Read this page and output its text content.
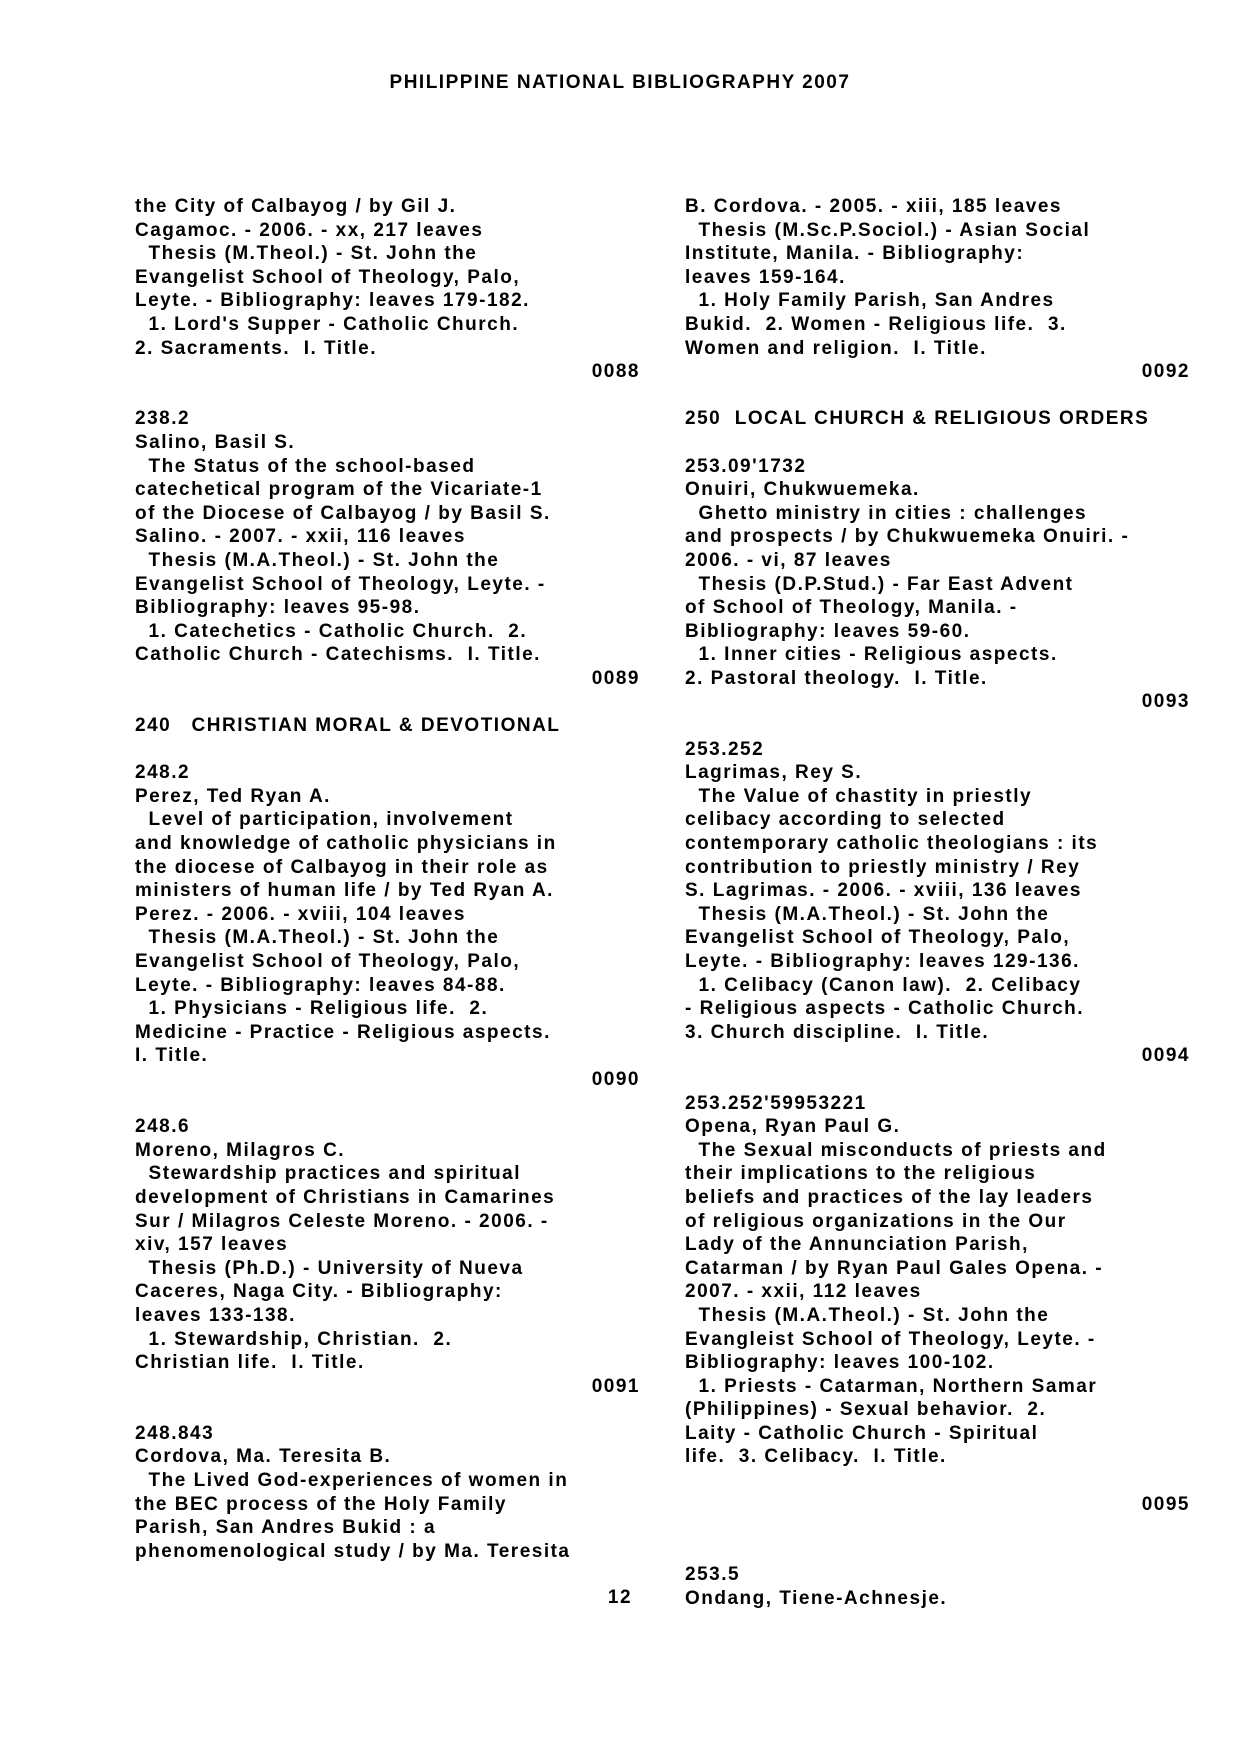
PHILIPPINE NATIONAL BIBLIOGRAPHY 2007
the City of Calbayog / by Gil J.
Cagamoc. - 2006. - xx, 217 leaves
Thesis (M.Theol.) - St. John the
Evangelist School of Theology, Palo,
Leyte. - Bibliography: leaves 179-182.
1. Lord's Supper - Catholic Church.
2. Sacraments.  I. Title.
0088
238.2
Salino, Basil S.
The Status of the school-based
catechetical program of the Vicariate-1
of the Diocese of Calbayog / by Basil S.
Salino. - 2007. - xxii, 116 leaves
Thesis (M.A.Theol.) - St. John the
Evangelist School of Theology, Leyte. -
Bibliography: leaves 95-98.
1. Catechetics - Catholic Church.  2.
Catholic Church - Catechisms.  I. Title.
0089
240   CHRISTIAN MORAL & DEVOTIONAL
248.2
Perez, Ted Ryan A.
Level of participation, involvement
and knowledge of catholic physicians in
the diocese of Calbayog in their role as
ministers of human life / by Ted Ryan A.
Perez. - 2006. - xviii, 104 leaves
Thesis (M.A.Theol.) - St. John the
Evangelist School of Theology, Palo,
Leyte. - Bibliography: leaves 84-88.
1. Physicians - Religious life.  2.
Medicine - Practice - Religious aspects.
I. Title.
0090
248.6
Moreno, Milagros C.
Stewardship practices and spiritual
development of Christians in Camarines
Sur / Milagros Celeste Moreno. - 2006. -
xiv, 157 leaves
Thesis (Ph.D.) - University of Nueva
Caceres, Naga City. - Bibliography:
leaves 133-138.
1. Stewardship, Christian.  2.
Christian life.  I. Title.
0091
248.843
Cordova, Ma. Teresita B.
The Lived God-experiences of women in
the BEC process of the Holy Family
Parish, San Andres Bukid : a
phenomenological study / by Ma. Teresita
B. Cordova. - 2005. - xiii, 185 leaves
Thesis (M.Sc.P.Sociol.) - Asian Social
Institute, Manila. - Bibliography:
leaves 159-164.
1. Holy Family Parish, San Andres
Bukid.  2. Women - Religious life.  3.
Women and religion.  I. Title.
0092
250  LOCAL CHURCH & RELIGIOUS ORDERS
253.09'1732
Onuiri, Chukwuemeka.
Ghetto ministry in cities : challenges
and prospects / by Chukwuemeka Onuiri. -
2006. - vi, 87 leaves
Thesis (D.P.Stud.) - Far East Advent
of School of Theology, Manila. -
Bibliography: leaves 59-60.
1. Inner cities - Religious aspects.
2. Pastoral theology.  I. Title.
0093
253.252
Lagrimas, Rey S.
The Value of chastity in priestly
celibacy according to selected
contemporary catholic theologians : its
contribution to priestly ministry / Rey
S. Lagrimas. - 2006. - xviii, 136 leaves
Thesis (M.A.Theol.) - St. John the
Evangelist School of Theology, Palo,
Leyte. - Bibliography: leaves 129-136.
1. Celibacy (Canon law).  2. Celibacy
- Religious aspects - Catholic Church.
3. Church discipline.  I. Title.
0094
253.252'59953221
Opena, Ryan Paul G.
The Sexual misconducts of priests and
their implications to the religious
beliefs and practices of the lay leaders
of religious organizations in the Our
Lady of the Annunciation Parish,
Catarman / by Ryan Paul Gales Opena. -
2007. - xxii, 112 leaves
Thesis (M.A.Theol.) - St. John the
Evangleist School of Theology, Leyte. -
Bibliography: leaves 100-102.
1. Priests - Catarman, Northern Samar
(Philippines) - Sexual behavior.  2.
Laity - Catholic Church - Spiritual
life.  3. Celibacy.  I. Title.
0095
253.5
Ondang, Tiene-Achnesje.
12
